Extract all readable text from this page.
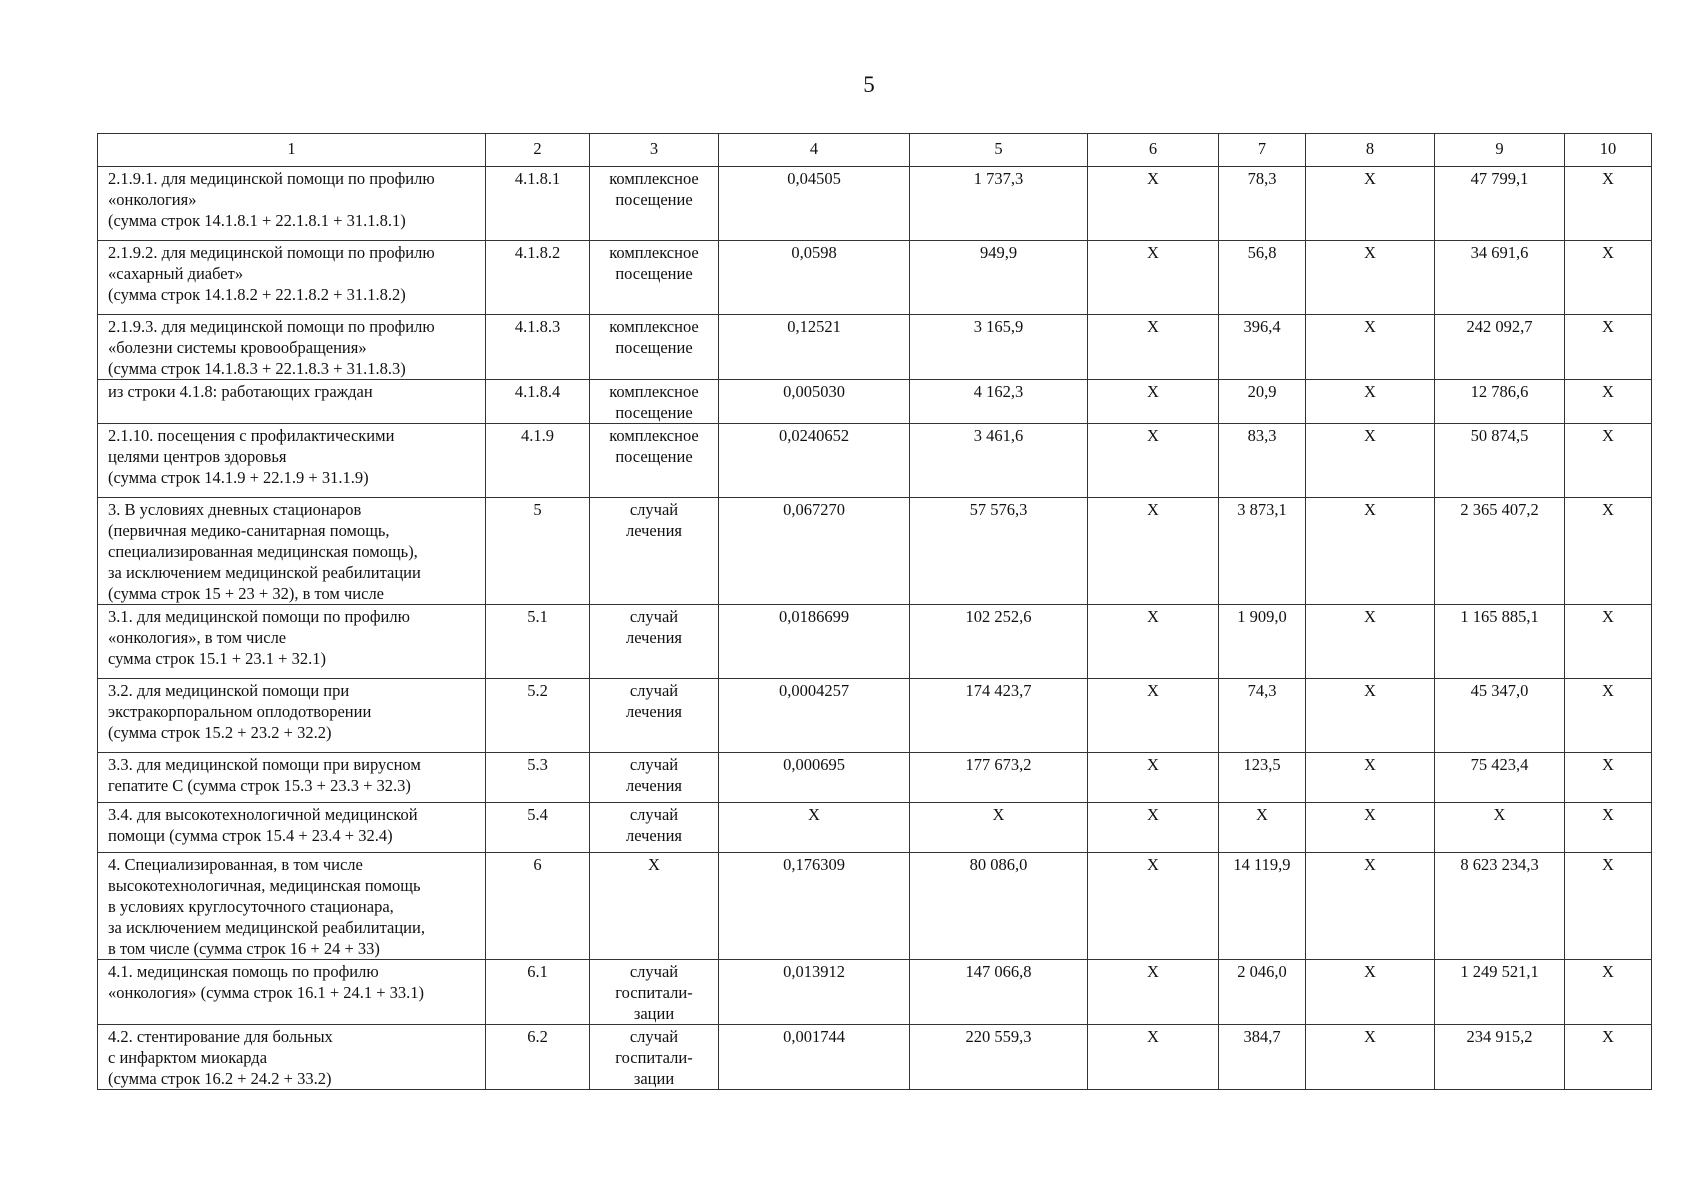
5
1	2	3	4	5	6	7	8	9	10
2.1.9.1. для медицинской помощи по профилю
«онкология»
(сумма строк 14.1.8.1 + 22.1.8.1 + 31.1.8.1)	4.1.8.1	комплексное
посещение	0,04505	1 737,3	Х	78,3	Х	47 799,1	Х
2.1.9.2. для медицинской помощи по профилю
«сахарный диабет»
(сумма строк 14.1.8.2 + 22.1.8.2 + 31.1.8.2)	4.1.8.2	комплексное
посещение	0,0598	949,9	Х	56,8	Х	34 691,6	Х
2.1.9.3. для медицинской помощи по профилю
«болезни системы кровообращения»
(сумма строк 14.1.8.3 + 22.1.8.3 + 31.1.8.3)	4.1.8.3	комплексное
посещение	0,12521	3 165,9	Х	396,4	Х	242 092,7	Х
из строки 4.1.8: работающих граждан	4.1.8.4	комплексное
посещение	0,005030	4 162,3	Х	20,9	Х	12 786,6	Х
2.1.10. посещения с профилактическими
целями центров здоровья
(сумма строк 14.1.9 + 22.1.9 + 31.1.9)	4.1.9	комплексное
посещение	0,0240652	3 461,6	Х	83,3	Х	50 874,5	Х
3. В условиях дневных стационаров
(первичная медико-санитарная помощь,
специализированная медицинская помощь),
за исключением медицинской реабилитации
(сумма строк 15 + 23 + 32), в том числе	5	случай
лечения	0,067270	57 576,3	Х	3 873,1	Х	2 365 407,2	Х
3.1. для медицинской помощи по профилю
«онкология», в том числе
сумма строк 15.1 + 23.1 + 32.1)	5.1	случай
лечения	0,0186699	102 252,6	Х	1 909,0	Х	1 165 885,1	Х
3.2. для медицинской помощи при
экстракорпоральном оплодотворении
(сумма строк 15.2 + 23.2 + 32.2)	5.2	случай
лечения	0,0004257	174 423,7	Х	74,3	Х	45 347,0	Х
3.3. для медицинской помощи при вирусном
гепатите С (сумма строк 15.3 + 23.3 + 32.3)	5.3	случай
лечения	0,000695	177 673,2	Х	123,5	Х	75 423,4	Х
3.4. для высокотехнологичной медицинской
помощи (сумма строк 15.4 + 23.4 + 32.4)	5.4	случай
лечения	Х	Х	Х	Х	Х	Х	Х
4. Специализированная, в том числе
высокотехнологичная, медицинская помощь
в условиях круглосуточного стационара,
за исключением медицинской реабилитации,
в том числе (сумма строк 16 + 24 + 33)	6	Х	0,176309	80 086,0	Х	14 119,9	Х	8 623 234,3	Х
4.1. медицинская помощь по профилю
«онкология» (сумма строк 16.1 + 24.1 + 33.1)	6.1	случай
госпитали-
зации	0,013912	147 066,8	Х	2 046,0	Х	1 249 521,1	Х
4.2. стентирование для больных
с инфарктом миокарда
(сумма строк 16.2 + 24.2 + 33.2)	6.2	случай
госпитали-
зации	0,001744	220 559,3	Х	384,7	Х	234 915,2	Х
